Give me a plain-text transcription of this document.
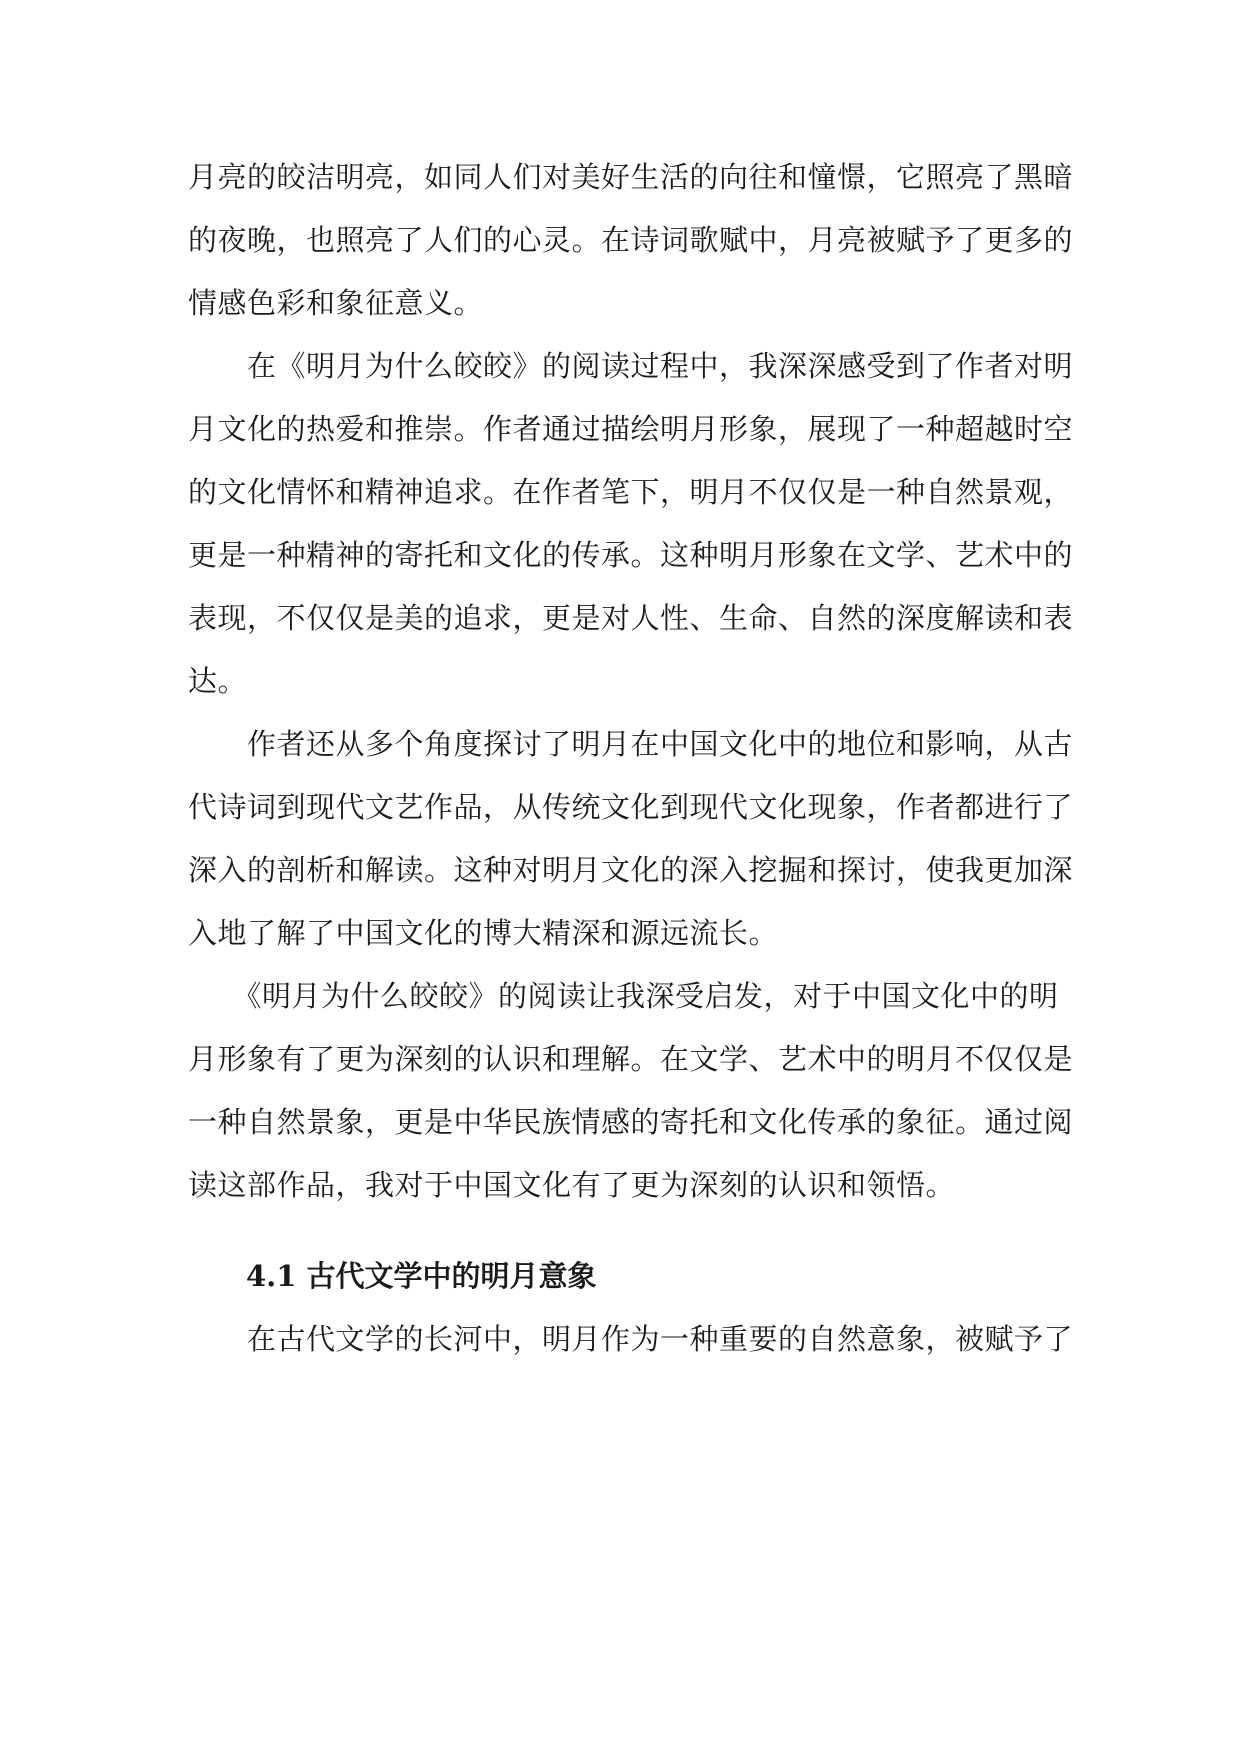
月亮的皎洁明亮，如同人们对美好生活的向往和憧憬，它照亮了黑暗
的夜晚，也照亮了人们的心灵。在诗词歌赋中，月亮被赋予了更多的
情感色彩和象征意义。

　　在《明月为什么皎皎》的阅读过程中，我深深感受到了作者对明
月文化的热爱和推崇。作者通过描绘明月形象，展现了一种超越时空
的文化情怀和精神追求。在作者笔下，明月不仅仅是一种自然景观，
更是一种精神的寄托和文化的传承。这种明月形象在文学、艺术中的
表现，不仅仅是美的追求，更是对人性、生命、自然的深度解读和表
达。

　　作者还从多个角度探讨了明月在中国文化中的地位和影响，从古
代诗词到现代文艺作品，从传统文化到现代文化现象，作者都进行了
深入的剖析和解读。这种对明月文化的深入挖掘和探讨，使我更加深
入地了解了中国文化的博大精深和源远流长。

　　《明月为什么皎皎》的阅读让我深受启发，对于中国文化中的明
月形象有了更为深刻的认识和理解。在文学、艺术中的明月不仅仅是
一种自然景象，更是中华民族情感的寄托和文化传承的象征。通过阅
读这部作品，我对于中国文化有了更为深刻的认识和领悟。

4.1 古代文学中的明月意象

　　在古代文学的长河中，明月作为一种重要的自然意象，被赋予了
